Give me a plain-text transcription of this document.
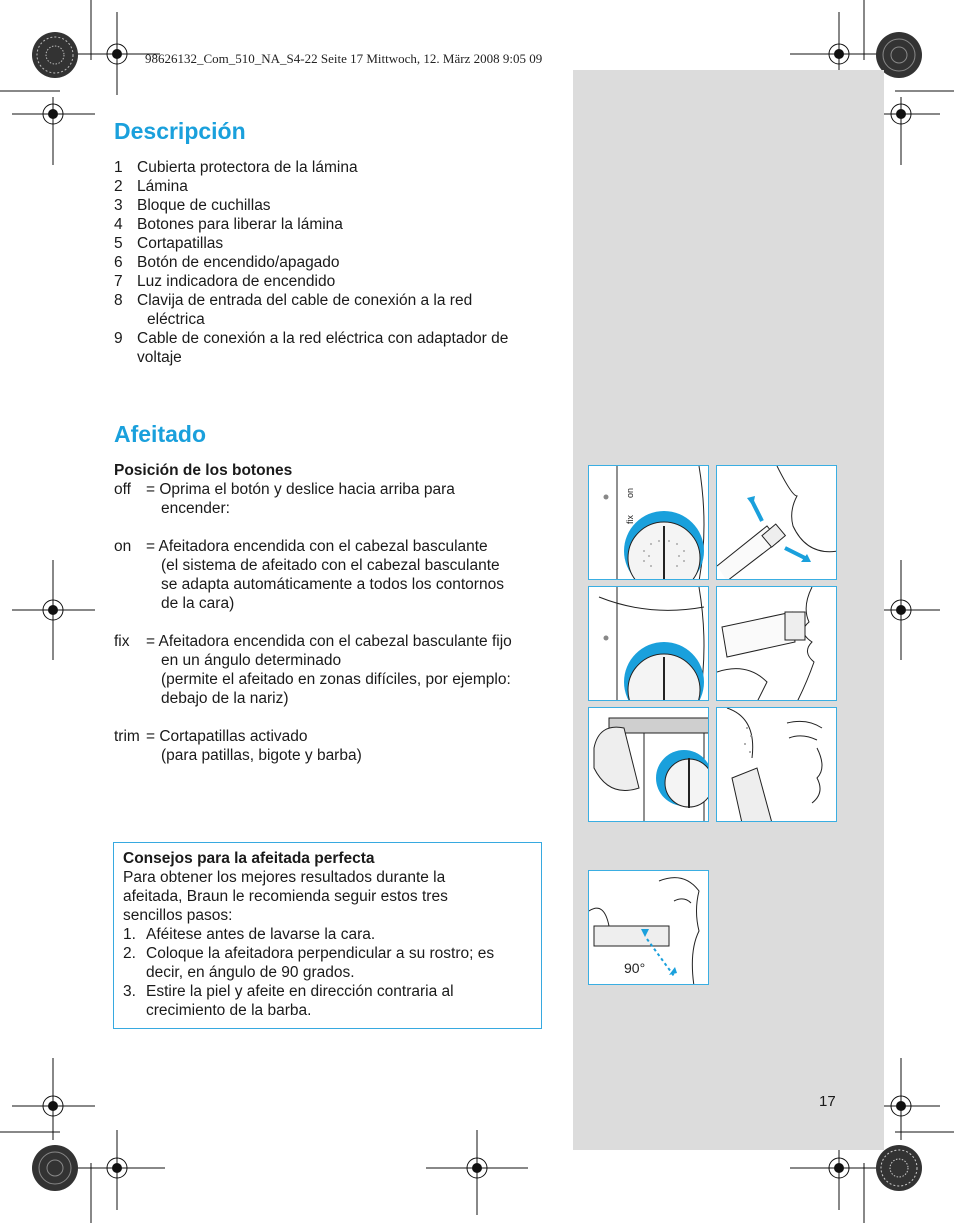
98626132_Com_510_NA_S4-22 Seite 17 Mittwoch, 12. März 2008 9:05 09
Descripción
1 Cubierta protectora de la lámina
2 Lámina
3 Bloque de cuchillas
4 Botones para liberar la lámina
5 Cortapatillas
6 Botón de encendido/apagado
7 Luz indicadora de encendido
8 Clavija de entrada del cable de conexión a la red
eléctrica
9 Cable de conexión a la red eléctrica con adaptador de
voltaje
Afeitado
Posición de los botones
off = Oprima el botón y deslice hacia arriba para
encender:
on = Afeitadora encendida con el cabezal basculante
(el sistema de afeitado con el cabezal basculante
se adapta automáticamente a todos los contornos
de la cara)
fix = Afeitadora encendida con el cabezal basculante fijo
en un ángulo determinado
(permite el afeitado en zonas difíciles, por ejemplo:
debajo de la nariz)
trim = Cortapatillas activado
(para patillas, bigote y barba)
Consejos para la afeitada perfecta
Para obtener los mejores resultados durante la
afeitada, Braun le recomienda seguir estos tres
sencillos pasos:
1. Aféitese antes de lavarse la cara.
2. Coloque la afeitadora perpendicular a su rostro; es
decir, en ángulo de 90 grados.
3. Estire la piel y afeite en dirección contraria al
crecimiento de la barba.
fix
on
90°
17
